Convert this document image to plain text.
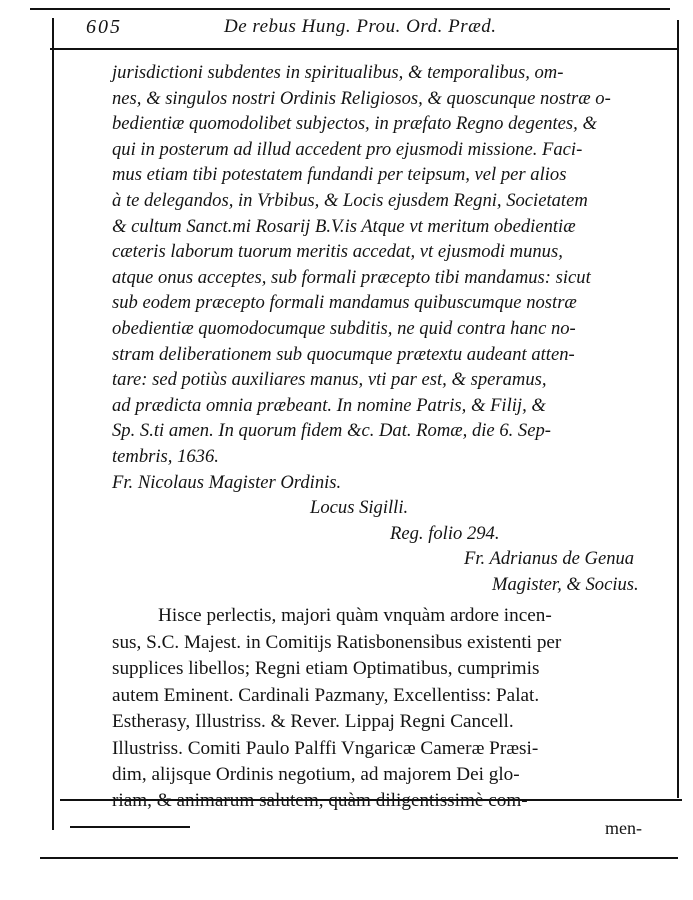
605	De rebus Hung. Prou. Ord. Præd.
jurisdictioni subdentes in spiritualibus, & temporalibus, om-
nes, & singulos nostri Ordinis Religiosos, & quoscunque nostræ o-
bedientiæ quomodolibet subjectos, in præfato Regno degentes, &
qui in posterum ad illud accedent pro ejusmodi missione. Faci-
mus etiam tibi potestatem fundandi per teipsum, vel per alios
à te delegandos, in Vrbibus, & Locis ejusdem Regni, Societatem
& cultum Sanct.mi Rosarij B.V.is Atque vt meritum obedientiæ
cæteris laborum tuorum meritis accedat, vt ejusmodi munus,
atque onus acceptes, sub formali præcepto tibi mandamus: sicut
sub eodem præcepto formali mandamus quibuscumque nostræ
obedientiæ quomodocumque subditis, ne quid contra hanc no-
stram deliberationem sub quocumque prætextu audeant atten-
tare: sed potiùs auxiliares manus, vti par est, & speramus,
ad prædicta omnia præbeant. In nomine Patris, & Filij, &
Sp. S.ti amen. In quorum fidem &c. Dat. Romæ, die 6. Sep-
tembris, 1636.
Fr. Nicolaus Magister Ordinis.
Locus Sigilli.
Reg. folio 294.
Fr. Adrianus de Genua
Magister, & Socius.
Hisce perlectis, majori quàm vnquàm ardore incen-
sus, S.C. Majest. in Comitijs Ratisbonensibus existenti per
supplices libellos; Regni etiam Optimatibus, cumprimis
autem Eminent. Cardinali Pazmany, Excellentiss: Palat.
Estherasy, Illustriss. & Rever. Lippaj Regni Cancell.
Illustriss. Comiti Paulo Palffi Vngaricæ Cameræ Præsi-
dim, alijsque Ordinis negotium, ad majorem Dei glo-
riam, & animarum salutem, quàm diligentissimè com-
men-
